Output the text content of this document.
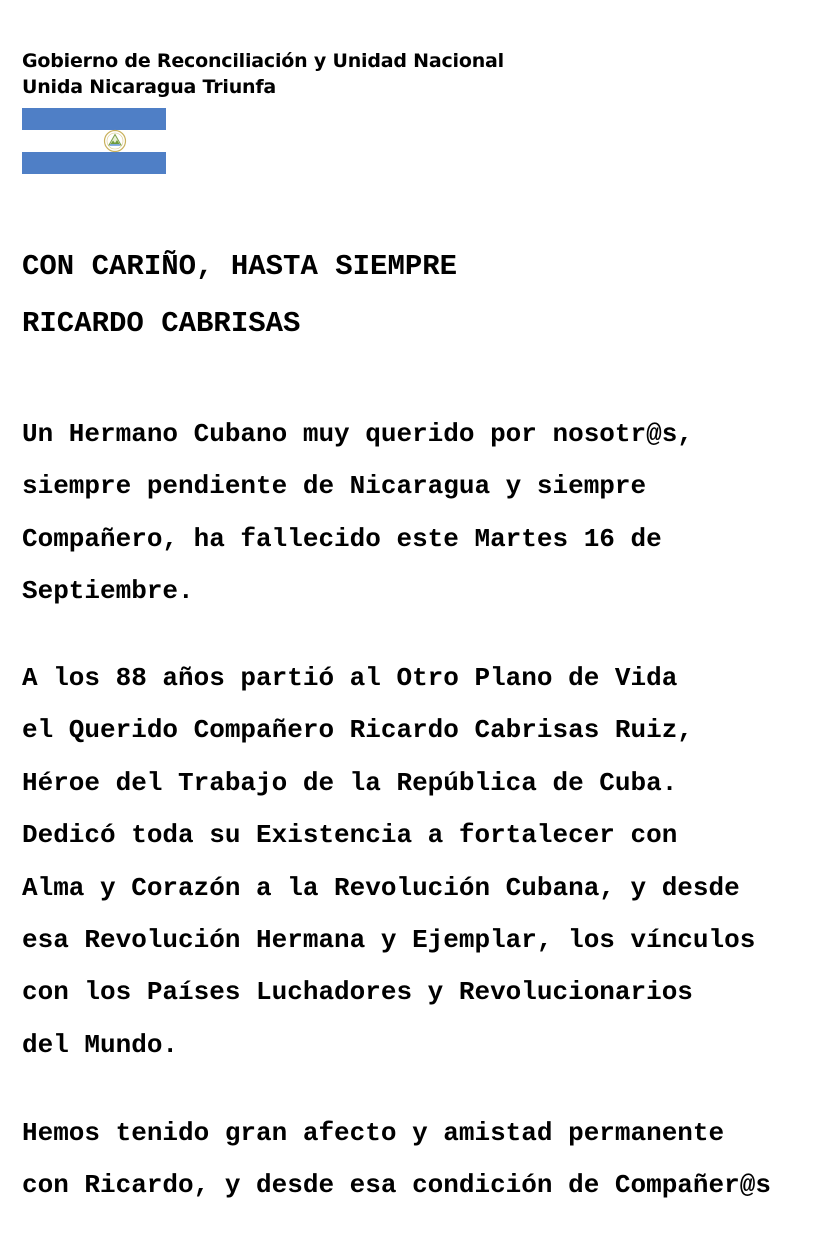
Gobierno de Reconciliación y Unidad Nacional
Unida Nicaragua Triunfa
CON CARIÑO, HASTA SIEMPRE
RICARDO CABRISAS
Un Hermano Cubano muy querido por nosotr@s,
siempre pendiente de Nicaragua y siempre
Compañero, ha fallecido este Martes 16 de
Septiembre.
A los 88 años partió al Otro Plano de Vida
el Querido Compañero Ricardo Cabrisas Ruiz,
Héroe del Trabajo de la República de Cuba.
Dedicó toda su Existencia a fortalecer con
Alma y Corazón a la Revolución Cubana, y desde
esa Revolución Hermana y Ejemplar, los vínculos
con los Países Luchadores y Revolucionarios
del Mundo.
Hemos tenido gran afecto y amistad permanente
con Ricardo, y desde esa condición de Compañer@s
